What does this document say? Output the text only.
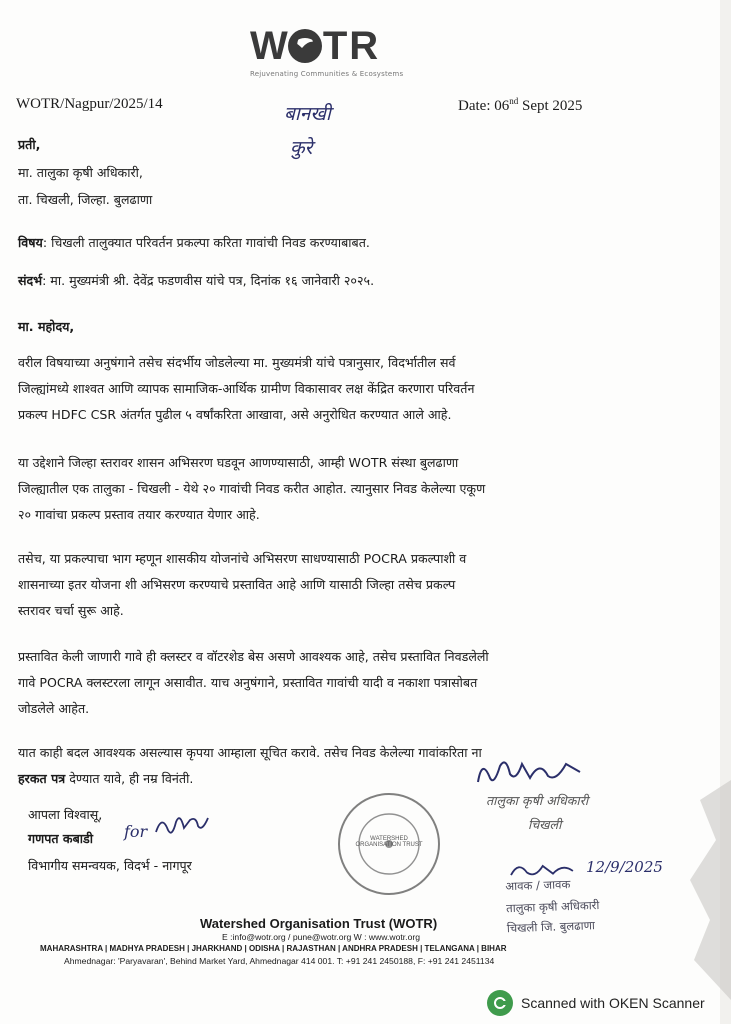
WOTR
Rejuvenating Communities & Ecosystems
WOTR/Nagpur/2025/14	Date: 06nd Sept 2025
बानखी
कुरे
प्रती,
मा. तालुका कृषी अधिकारी,
ता. चिखली, जिल्हा. बुलढाणा
विषय: चिखली तालुक्यात परिवर्तन प्रकल्पा करिता गावांची निवड करण्याबाबत.
संदर्भ: मा. मुख्यमंत्री श्री. देवेंद्र फडणवीस यांचे पत्र, दिनांक १६ जानेवारी २०२५.
मा. महोदय,
वरील विषयाच्या अनुषंगाने तसेच संदर्भीय जोडलेल्या मा. मुख्यमंत्री यांचे पत्रानुसार, विदर्भातील सर्व
जिल्ह्यांमध्ये शाश्वत आणि व्यापक सामाजिक-आर्थिक ग्रामीण विकासावर लक्ष केंद्रित करणारा परिवर्तन
प्रकल्प HDFC CSR अंतर्गत पुढील ५ वर्षांकरिता आखावा, असे अनुरोधित करण्यात आले आहे.
या उद्देशाने जिल्हा स्तरावर शासन अभिसरण घडवून आणण्यासाठी, आम्ही WOTR संस्था बुलढाणा
जिल्ह्यातील एक तालुका - चिखली - येथे २० गावांची निवड करीत आहोत. त्यानुसार निवड केलेल्या एकूण
२० गावांचा प्रकल्प प्रस्ताव तयार करण्यात येणार आहे.
तसेच, या प्रकल्पाचा भाग म्हणून शासकीय योजनांचे अभिसरण साधण्यासाठी POCRA प्रकल्पाशी व
शासनाच्या इतर योजना शी अभिसरण करण्याचे प्रस्तावित आहे आणि यासाठी जिल्हा तसेच प्रकल्प
स्तरावर चर्चा सुरू आहे.
प्रस्तावित केली जाणारी गावे ही क्लस्टर व वॉटरशेड बेस असणे आवश्यक आहे, तसेच प्रस्तावित निवडलेली
गावे POCRA क्लस्टरला लागून असावीत. याच अनुषंगाने, प्रस्तावित गावांची यादी व नकाशा पत्रासोबत
जोडलेले आहेत.
यात काही बदल आवश्यक असल्यास कृपया आम्हाला सूचित करावे. तसेच निवड केलेल्या गावांकरिता ना
हरकत पत्र देण्यात यावे, ही नम्र विनंती.
आपला विश्वासू,
गणपत कबाडी for
विभागीय समन्वयक, विदर्भ - नागपूर
WATERSHED ORGANISATION TRUST
तालुका कृषी अधिकारी
चिखली
आवक / जावक
तालुका कृषी अधिकारी
चिखली जि. बुलढाणा
12/9/2025
Watershed Organisation Trust (WOTR)
E :info@wotr.org / pune@wotr.org W : www.wotr.org
MAHARASHTRA | MADHYA PRADESH | JHARKHAND | ODISHA | RAJASTHAN | ANDHRA PRADESH | TELANGANA | BIHAR
Ahmednagar: 'Paryavaran', Behind Market Yard, Ahmednagar 414 001. T: +91 241 2450188, F: +91 241 2451134
Scanned with OKEN Scanner
